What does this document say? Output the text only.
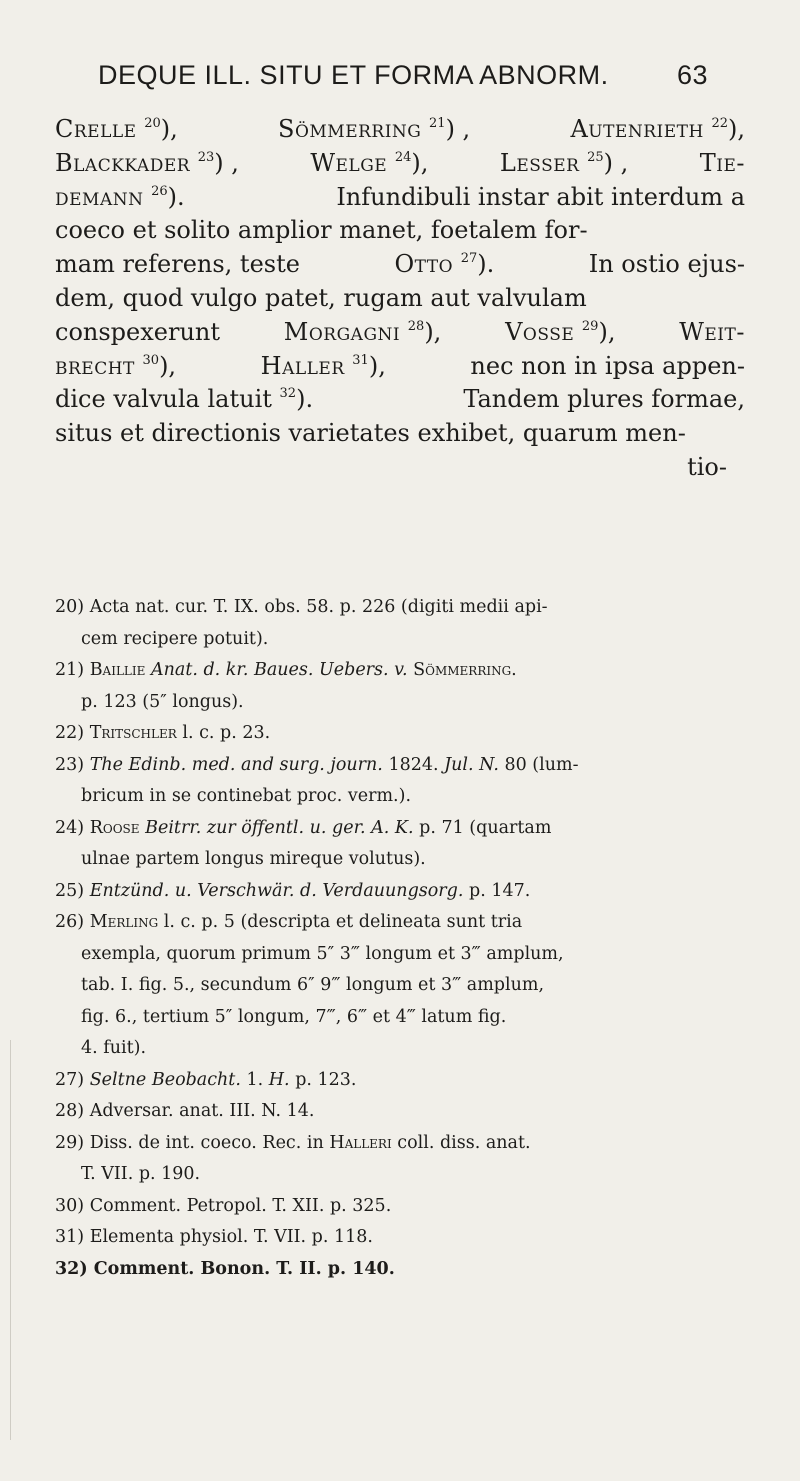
DEQUE ILL. SITU ET FORMA ABNORM.	63
Crelle $^{20}$),	Sömmerring $^{21}$) ,	Autenrieth $^{22}$),
Blackkader $^{23}$) ,	Welge $^{24}$),	Lesser $^{25}$) ,	Tie-
demann $^{26}$).	Infundibuli instar abit interdum a
coeco et solito amplior manet, foetalem for-
mam referens, teste	Otto $^{27}$).	In ostio ejus-
dem, quod vulgo patet, rugam aut valvulam
conspexerunt	Morgagni $^{28}$),	Vosse $^{29}$),	Weit-
brecht $^{30}$),	Haller $^{31}$),	nec non in ipsa appen-
dice valvula latuit $^{32}$).	Tandem plures formae,
situs et directionis varietates exhibet, quarum men-
tio-
20) Acta nat. cur. T. IX. obs. 58. p. 226 (digiti medii api-
cem recipere potuit).
21) Baillie Anat. d. kr. Baues. Uebers. v. Sömmerring.
p. 123 (5″ longus).
22) Tritschler l. c. p. 23.
23) The Edinb. med. and surg. journ. 1824. Jul. N. 80 (lum-
bricum in se continebat proc. verm.).
24) Roose Beitrr. zur öffentl. u. ger. A. K. p. 71 (quartam
ulnae partem longus mireque volutus).
25) Entzünd. u. Verschwär. d. Verdauungsorg. p. 147.
26) Merling l. c. p. 5 (descripta et delineata sunt tria
exempla, quorum primum 5″ 3‴ longum et 3‴ amplum,
tab. I. fig. 5., secundum 6″ 9‴ longum et 3‴ amplum,
fig. 6., tertium 5″ longum, 7‴, 6‴ et 4‴ latum fig.
4. fuit).
27) Seltne Beobacht. 1. H. p. 123.
28) Adversar. anat. III. N. 14.
29) Diss. de int. coeco. Rec. in Halleri coll. diss. anat.
T. VII. p. 190.
30) Comment. Petropol. T. XII. p. 325.
31) Elementa physiol. T. VII. p. 118.
32) Comment. Bonon. T. II. p. 140.
